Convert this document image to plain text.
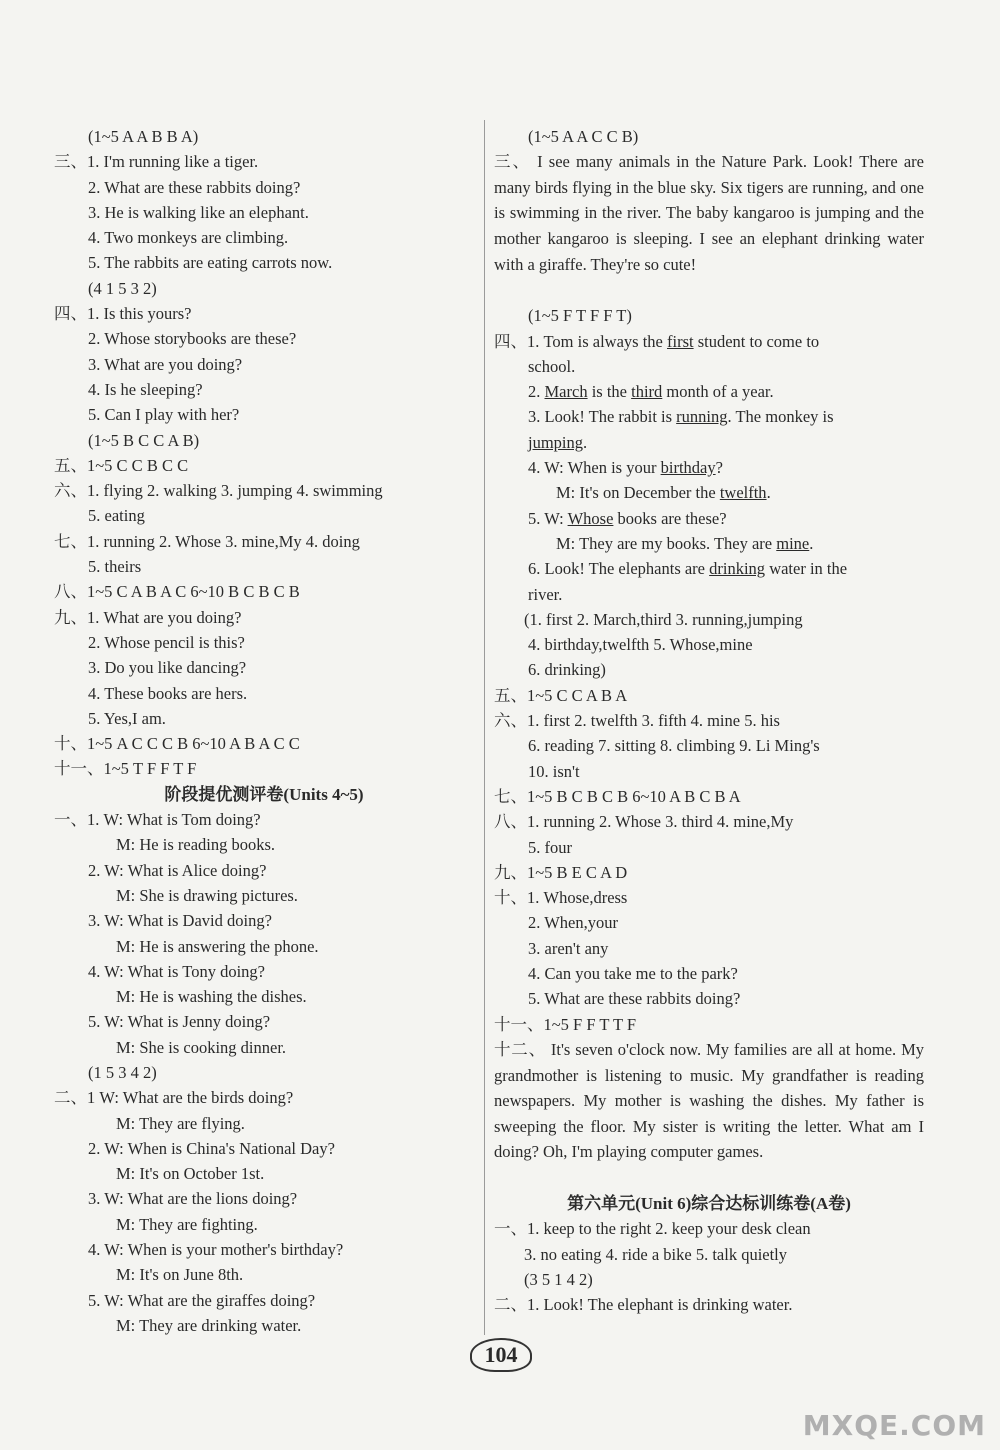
(1~5 A A B B A)
三、1. I'm running like a tiger.
2. What are these rabbits doing?
3. He is walking like an elephant.
4. Two monkeys are climbing.
5. The rabbits are eating carrots now.
(4 1 5 3 2)
四、1. Is this yours?
2. Whose storybooks are these?
3. What are you doing?
4. Is he sleeping?
5. Can I play with her?
(1~5 B C C A B)
五、1~5 C C B C C
六、1. flying 2. walking 3. jumping 4. swimming
5. eating
七、1. running 2. Whose 3. mine,My 4. doing
5. theirs
八、1~5 C A B A C 6~10 B C B C B
九、1. What are you doing?
2. Whose pencil is this?
3. Do you like dancing?
4. These books are hers.
5. Yes,I am.
十、1~5 A C C C B 6~10 A B A C C
十一、1~5 T F F T F
阶段提优测评卷(Units 4~5)
一、1. W: What is Tom doing?
M: He is reading books.
2. W: What is Alice doing?
M: She is drawing pictures.
3. W: What is David doing?
M: He is answering the phone.
4. W: What is Tony doing?
M: He is washing the dishes.
5. W: What is Jenny doing?
M: She is cooking dinner.
(1 5 3 4 2)
二、1 W: What are the birds doing?
M: They are flying.
2. W: When is China's National Day?
M: It's on October 1st.
3. W: What are the lions doing?
M: They are fighting.
4. W: When is your mother's birthday?
M: It's on June 8th.
5. W: What are the giraffes doing?
M: They are drinking water.
(1~5 A A C C B)
三、 I see many animals in the Nature Park. Look! There are many birds flying in the blue sky. Six tigers are running, and one is swimming in the river. The baby kangaroo is jumping and the mother kangaroo is sleeping. I see an elephant drinking water with a giraffe. They're so cute!
(1~5 F T F F T)
四、1. Tom is always the first student to come to
school.
2. March is the third month of a year.
3. Look! The rabbit is running. The monkey is
jumping.
4. W: When is your birthday?
M: It's on December the twelfth.
5. W: Whose books are these?
M: They are my books. They are mine.
6. Look! The elephants are drinking water in the
river.
(1. first 2. March,third 3. running,jumping
4. birthday,twelfth 5. Whose,mine
6. drinking)
五、1~5 C C A B A
六、1. first 2. twelfth 3. fifth 4. mine 5. his
6. reading 7. sitting 8. climbing 9. Li Ming's
10. isn't
七、1~5 B C B C B 6~10 A B C B A
八、1. running 2. Whose 3. third 4. mine,My
5. four
九、1~5 B E C A D
十、1. Whose,dress
2. When,your
3. aren't any
4. Can you take me to the park?
5. What are these rabbits doing?
十一、1~5 F F T T F
十二、 It's seven o'clock now. My families are all at home. My grandmother is listening to music. My grandfather is reading newspapers. My mother is washing the dishes. My father is sweeping the floor. My sister is writing the letter. What am I doing? Oh, I'm playing computer games.
第六单元(Unit 6)综合达标训练卷(A卷)
一、1. keep to the right 2. keep your desk clean
3. no eating 4. ride a bike 5. talk quietly
(3 5 1 4 2)
二、1. Look! The elephant is drinking water.
104
MXQE.COM
